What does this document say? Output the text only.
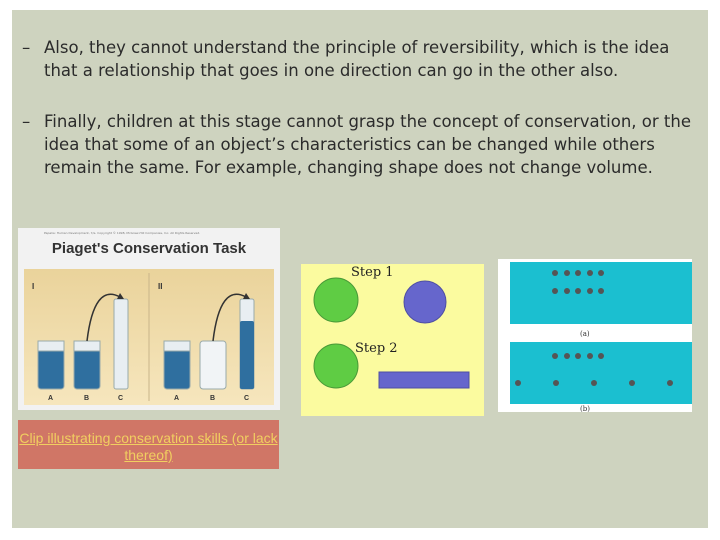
– Also, they cannot understand the principle of reversibility, which is the idea that a relationship that goes in one direction can go in the other also.
– Finally, children at this stage cannot grasp the concept of conservation, or the idea that some of an object’s characteristics can be changed while others remain the same. For example, changing shape does not change volume.
Papalia: Human Development, 7/e. Copyright © 1998, McGraw-Hill Companies, Inc. All Rights Reserved.
Piaget's Conservation Task
I	II
A	B	C	A	B	C
Step 1
Step 2
(a)
(b)
Clip illustrating conservation skills (or lack thereof)
